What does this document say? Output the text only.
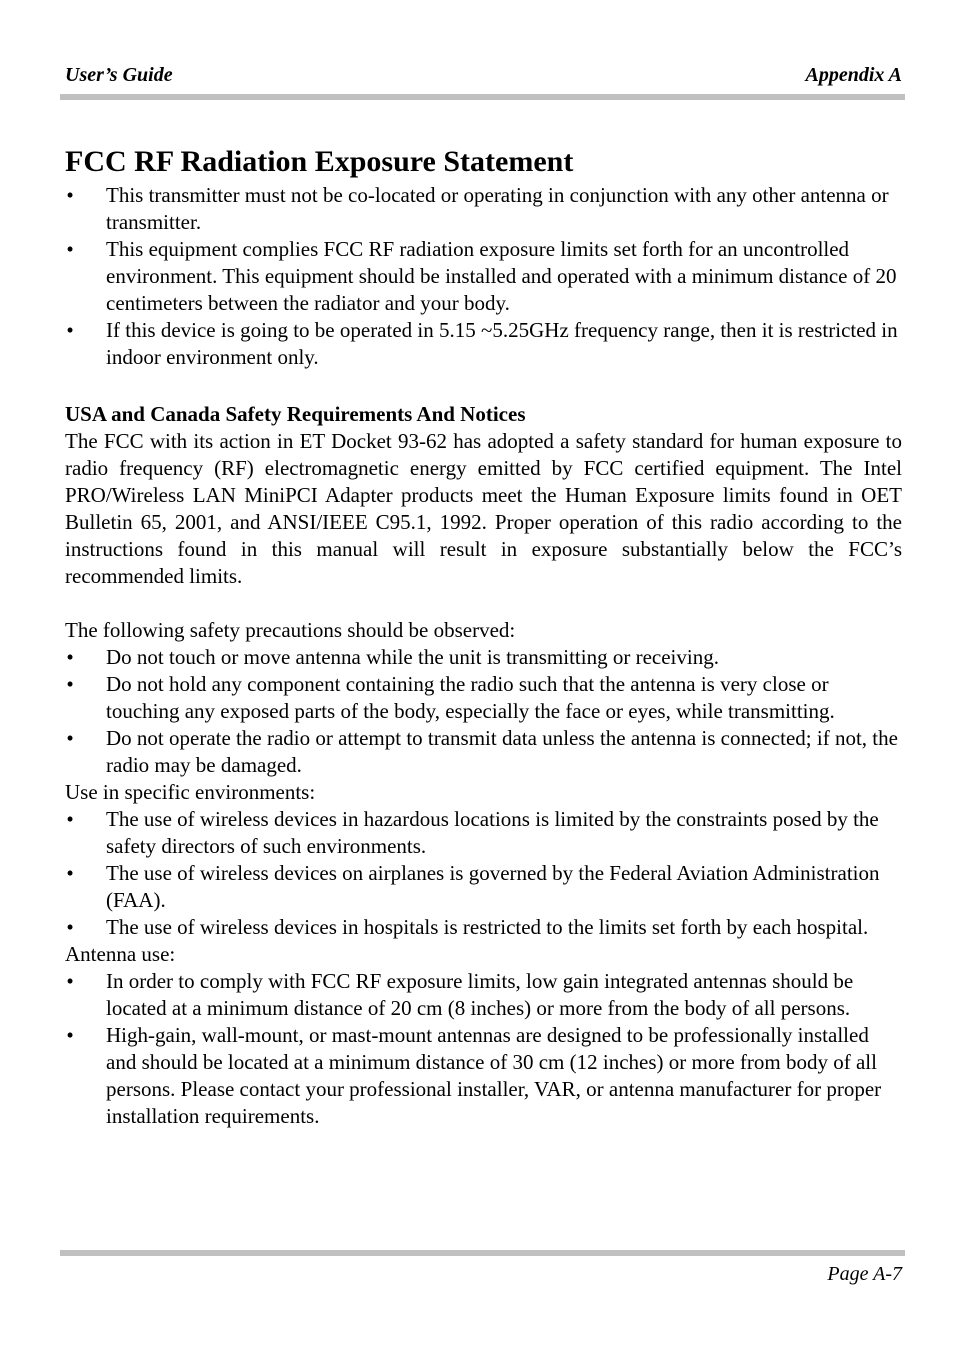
User’s Guide	Appendix A
FCC RF Radiation Exposure Statement
• This transmitter must not be co-located or operating in conjunction with any other antenna or transmitter.
• This equipment complies FCC RF radiation exposure limits set forth for an uncontrolled environment. This equipment should be installed and operated with a minimum distance of 20 centimeters between the radiator and your body.
• If this device is going to be operated in 5.15 ~5.25GHz frequency range, then it is restricted in indoor environment only.
USA and Canada Safety Requirements And Notices

The FCC with its action in ET Docket 93-62 has adopted a safety standard for human exposure to radio frequency (RF) electromagnetic energy emitted by FCC certified equipment. The Intel PRO/Wireless LAN MiniPCI Adapter products meet the Human Exposure limits found in OET Bulletin 65, 2001, and ANSI/IEEE C95.1, 1992. Proper operation of this radio according to the instructions found in this manual will result in exposure substantially below the FCC’s recommended limits.

The following safety precautions should be observed:

• Do not touch or move antenna while the unit is transmitting or receiving.
• Do not hold any component containing the radio such that the antenna is very close or touching any exposed parts of the body, especially the face or eyes, while transmitting.
• Do not operate the radio or attempt to transmit data unless the antenna is connected; if not, the radio may be damaged.

Use in specific environments:

• The use of wireless devices in hazardous locations is limited by the constraints posed by the safety directors of such environments.
• The use of wireless devices on airplanes is governed by the Federal Aviation Administration (FAA).
• The use of wireless devices in hospitals is restricted to the limits set forth by each hospital.

Antenna use:

• In order to comply with FCC RF exposure limits, low gain integrated antennas should be located at a minimum distance of 20 cm (8 inches) or more from the body of all persons.
• High-gain, wall-mount, or mast-mount antennas are designed to be professionally installed and should be located at a minimum distance of 30 cm (12 inches) or more from body of all persons. Please contact your professional installer, VAR, or antenna manufacturer for proper installation requirements.
Page A-7
